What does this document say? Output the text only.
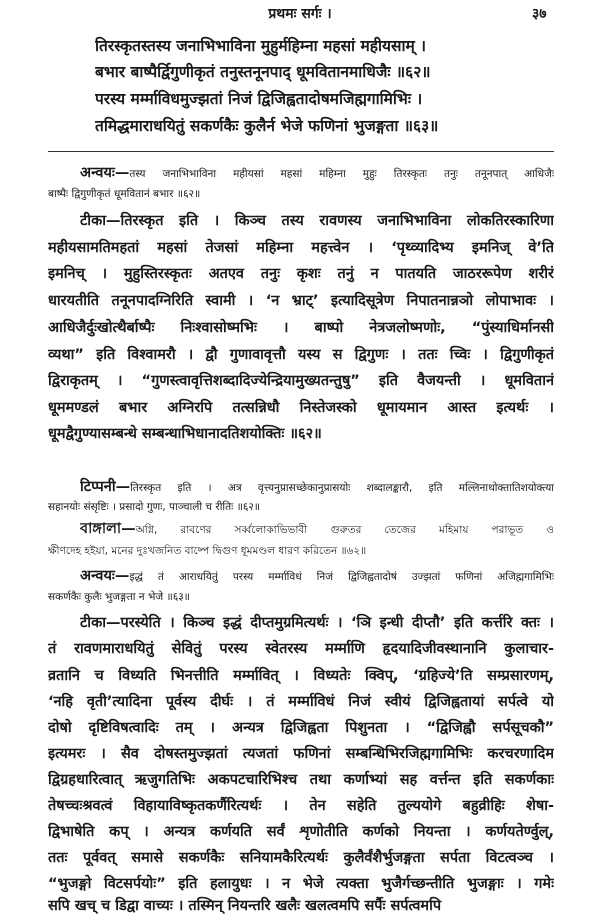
प्रथमः सर्गः ।	३७
तिरस्कृतस्तस्य जनाभिभाविना मुहुर्महिम्ना महसां महीयसाम् ।
बभार बाष्पैर्द्विगुणीकृतं तनुस्तनूनपाद् धूमवितानमाधिजैः ॥६२॥
परस्य मर्म्माविधमुज्झतां निजं द्विजिह्वतादोषमजिह्मगामिभिः ।
तमिद्धमाराधयितुं सकर्णकैः कुलैर्न भेजे फणिनां भुजङ्गता ॥६३॥
अन्वयः—तस्य जनाभिभाविना महीयसां महसां महिम्ना मुहुः तिरस्कृतः तनुः तनूनपात् आधिजैः
बाष्पैः द्विगुणीकृतं धूमवितानं बभार ॥६२॥
टीका—तिरस्कृत इति । किञ्च तस्य रावणस्य जनाभिभाविना लोकतिरस्कारिणा
महीयसामतिमहतां महसां तेजसां महिम्ना महत्त्वेन । ‘पृथ्व्यादिभ्य इमनिज् वे’ति
इमनिच् । मुहुस्तिरस्कृतः अतएव तनुः कृशः तनुं न पातयति जाठररूपेण शरीरं
धारयतीति तनूनपादग्निरिति स्वामी । ‘न भ्राट्’ इत्यादिसूत्रेण निपातनान्नञो लोपाभावः ।
आधिजैर्दुःखोत्थैर्बाष्पैः निःश्वासोष्मभिः । बाष्पो नेत्रजलोष्मणोः, “पुंस्याधिर्मानसी
व्यथा” इति विश्वामरौ । द्वौ गुणावावृत्तौ यस्य स द्विगुणः । ततः च्विः । द्विगुणीकृतं
द्विराकृतम् । “गुणस्त्वावृत्तिशब्दादिज्येन्द्रियामुख्यतन्तुषु” इति वैजयन्ती । धूमवितानं
धूममण्डलं बभार अग्निरपि तत्सन्निधौ निस्तेजस्को धूमायमान आस्त इत्यर्थः ।
धूमद्वैगुण्यासम्बन्धे सम्बन्धाभिधानादतिशयोक्तिः ॥६२॥
टिप्पनी—तिरस्कृत इति । अत्र वृत्त्यनुप्रासच्छेकानुप्रासयोः शब्दालङ्कारौ, इति मल्लिनाथोक्तातिशयोक्त्या
सहानयोः संसृष्टिः । प्रसादो गुणः, पाञ्चाली च रीतिः ॥६२॥
বাঙ্গালা—অগ্নি, রাবণের সর্ব্বলোকাভিভাবী গুরুতর তেজের মহিমায় পরাভূত ও
ক্ষীণদেহ হইয়া, মনের দুঃখজনিত বাষ্পে দ্বিগুণ ধূমমণ্ডল ধারণ করিতেন ॥৬২॥
अन्वयः—इद्धं तं आराधयितुं परस्य मर्म्माविधं निजं द्विजिह्वतादोषं उज्झतां फणिनां अजिह्मगामिभिः
सकर्णकैः कुलैः भुजङ्गता न भेजे ॥६३॥
टीका—परस्येति । किञ्च इद्धं दीप्तमुग्रमित्यर्थः । ‘ञि इन्धी दीप्तौ’ इति कर्त्तरि क्तः ।
तं रावणमाराधयितुं सेवितुं परस्य स्वेतरस्य मर्म्माणि हृदयादिजीवस्थानानि कुलाचार-
व्रतानि च विध्यति भिनत्तीति मर्म्मावित् । विध्यतेः क्विप्, ‘ग्रहिज्ये’ति सम्प्रसारणम्,
‘नहि वृती’त्यादिना पूर्वस्य दीर्घः । तं मर्म्माविधं निजं स्वीयं द्विजिह्वतायां सर्पत्वे यो
दोषो दृष्टिविषत्वादिः तम् । अन्यत्र द्विजिह्वता पिशुनता । “द्विजिह्वौ सर्पसूचकौ”
इत्यमरः । सैव दोषस्तमुज्झतां त्यजतां फणिनां सम्बन्धिभिरजिह्मगामिभिः करचरणादिम
द्विग्रहधारित्वात् ऋजुगतिभिः अकपटचारिभिश्च तथा कर्णाभ्यां सह वर्त्तन्त इति सकर्णकाः
तेषच्चःश्रवत्वं विहायाविष्कृतकर्णैरित्यर्थः । तेन सहेति तुल्ययोगे बहुव्रीहिः शेषा-
द्विभाषेति कप् । अन्यत्र कर्णयति सर्वं शृणोतीति कर्णको नियन्ता । कर्णयतेर्ण्वुल्,
ततः पूर्ववत् समासे सकर्णकैः सनियामकैरित्यर्थः कुलैर्वंशैर्भुजङ्गता सर्पता विटत्वञ्च ।
“भुजङ्गो विटसर्पयोः” इति हलायुधः । न भेजे त्यक्ता भुजैर्गच्छन्तीति भुजङ्गाः । गमेः
सपि खच् च डिद्वा वाच्यः । तस्मिन् नियन्तरि खलैः खलत्वमपि सर्पैः सर्पत्वमपि
